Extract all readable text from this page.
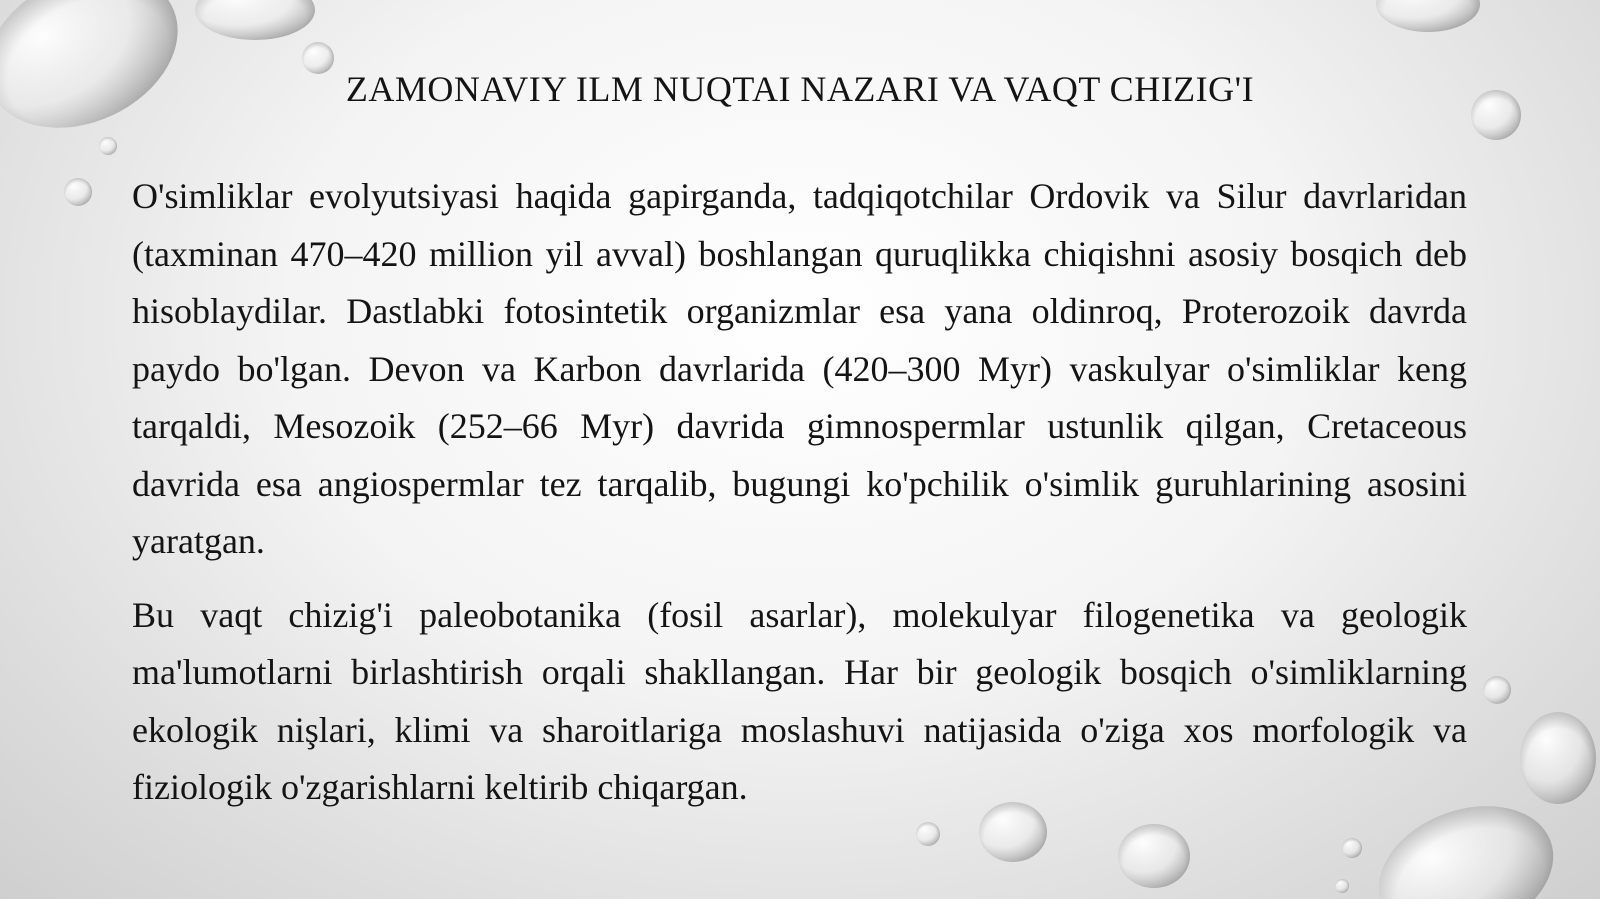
ZAMONAVIY ILM NUQTAI NAZARI VA VAQT CHIZIG'I

O'simliklar evolyutsiyasi haqida gapirganda, tadqiqotchilar Ordovik va Silur davrlaridan (taxminan 470–420 million yil avval) boshlangan quruqlikka chiqishni asosiy bosqich deb hisoblaydilar. Dastlabki fotosintetik organizmlar esa yana oldinroq, Proterozoik davrda paydo bo'lgan. Devon va Karbon davrlarida (420–300 Myr) vaskulyar o'simliklar keng tarqaldi, Mesozoik (252–66 Myr) davrida gimnospermlar ustunlik qilgan, Cretaceous davrida esa angiospermlar tez tarqalib, bugungi ko'pchilik o'simlik guruhlarining asosini yaratgan.

Bu vaqt chizig'i paleobotanika (fosil asarlar), molekulyar filogenetika va geologik ma'lumotlarni birlashtirish orqali shakllangan. Har bir geologik bosqich o'simliklarning ekologik nişlari, klimi va sharoitlariga moslashuvi natijasida o'ziga xos morfologik va fiziologik o'zgarishlarni keltirib chiqargan.
